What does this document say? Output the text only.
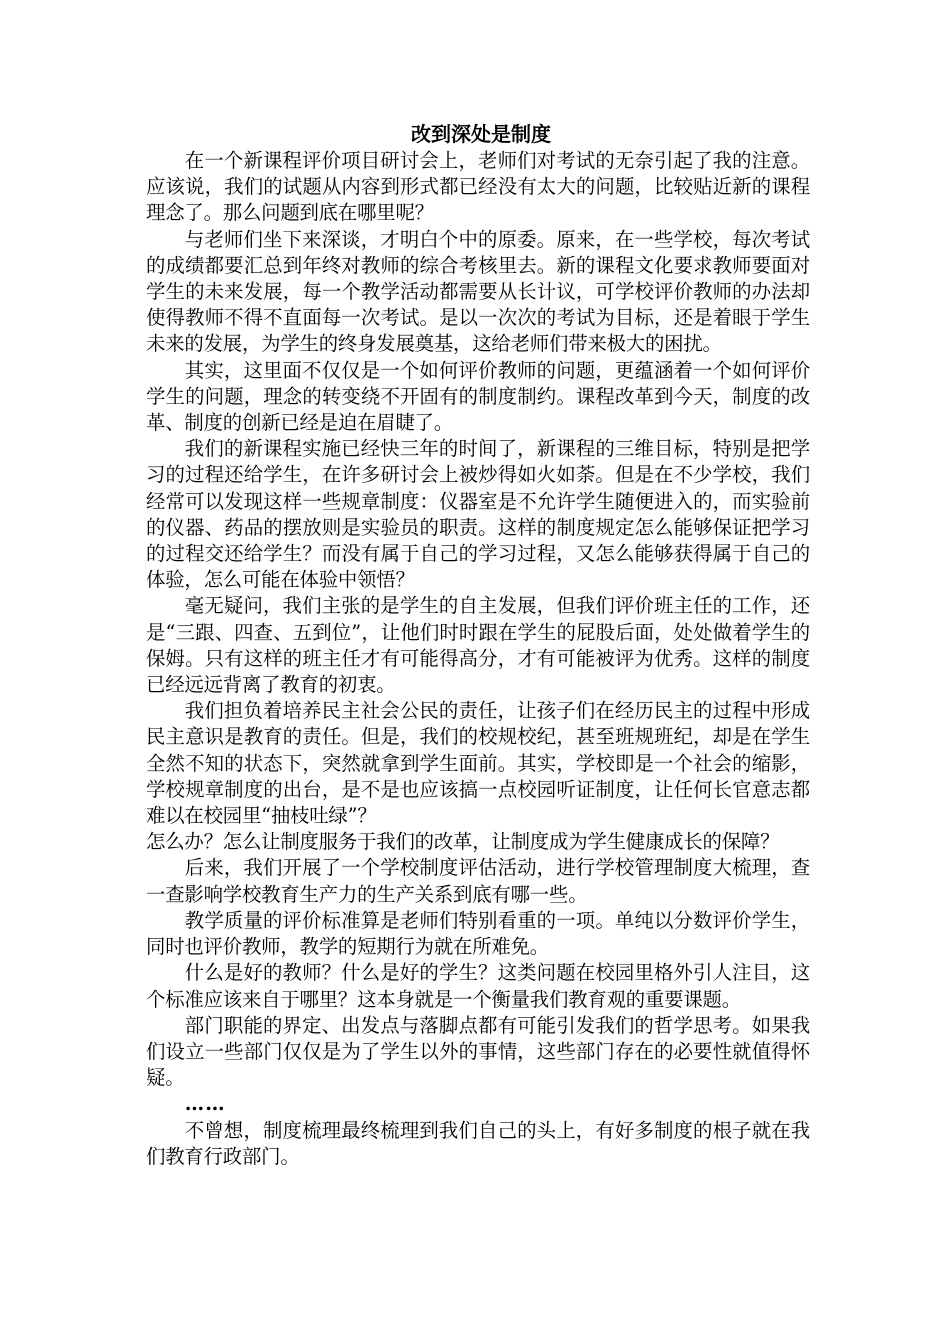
改到深处是制度

在一个新课程评价项目研讨会上，老师们对考试的无奈引起了我的注意。应该说，我们的试题从内容到形式都已经没有太大的问题，比较贴近新的课程理念了。那么问题到底在哪里呢？

与老师们坐下来深谈，才明白个中的原委。原来，在一些学校，每次考试的成绩都要汇总到年终对教师的综合考核里去。新的课程文化要求教师要面对学生的未来发展，每一个教学活动都需要从长计议，可学校评价教师的办法却使得教师不得不直面每一次考试。是以一次次的考试为目标，还是着眼于学生未来的发展，为学生的终身发展奠基，这给老师们带来极大的困扰。

其实，这里面不仅仅是一个如何评价教师的问题，更蕴涵着一个如何评价学生的问题，理念的转变绕不开固有的制度制约。课程改革到今天，制度的改革、制度的创新已经是迫在眉睫了。

我们的新课程实施已经快三年的时间了，新课程的三维目标，特别是把学习的过程还给学生，在许多研讨会上被炒得如火如荼。但是在不少学校，我们经常可以发现这样一些规章制度：仪器室是不允许学生随便进入的，而实验前的仪器、药品的摆放则是实验员的职责。这样的制度规定怎么能够保证把学习的过程交还给学生？而没有属于自己的学习过程，又怎么能够获得属于自己的体验，怎么可能在体验中领悟？

毫无疑问，我们主张的是学生的自主发展，但我们评价班主任的工作，还是“三跟、四查、五到位”，让他们时时跟在学生的屁股后面，处处做着学生的保姆。只有这样的班主任才有可能得高分，才有可能被评为优秀。这样的制度已经远远背离了教育的初衷。

我们担负着培养民主社会公民的责任，让孩子们在经历民主的过程中形成民主意识是教育的责任。但是，我们的校规校纪，甚至班规班纪，却是在学生全然不知的状态下，突然就拿到学生面前。其实，学校即是一个社会的缩影，学校规章制度的出台，是不是也应该搞一点校园听证制度，让任何长官意志都难以在校园里“抽枝吐绿”？

怎么办？怎么让制度服务于我们的改革，让制度成为学生健康成长的保障？

后来，我们开展了一个学校制度评估活动，进行学校管理制度大梳理，查一查影响学校教育生产力的生产关系到底有哪一些。

教学质量的评价标准算是老师们特别看重的一项。单纯以分数评价学生，同时也评价教师，教学的短期行为就在所难免。

什么是好的教师？什么是好的学生？这类问题在校园里格外引人注目，这个标准应该来自于哪里？这本身就是一个衡量我们教育观的重要课题。

部门职能的界定、出发点与落脚点都有可能引发我们的哲学思考。如果我们设立一些部门仅仅是为了学生以外的事情，这些部门存在的必要性就值得怀疑。

……

不曾想，制度梳理最终梳理到我们自己的头上，有好多制度的根子就在我们教育行政部门。
